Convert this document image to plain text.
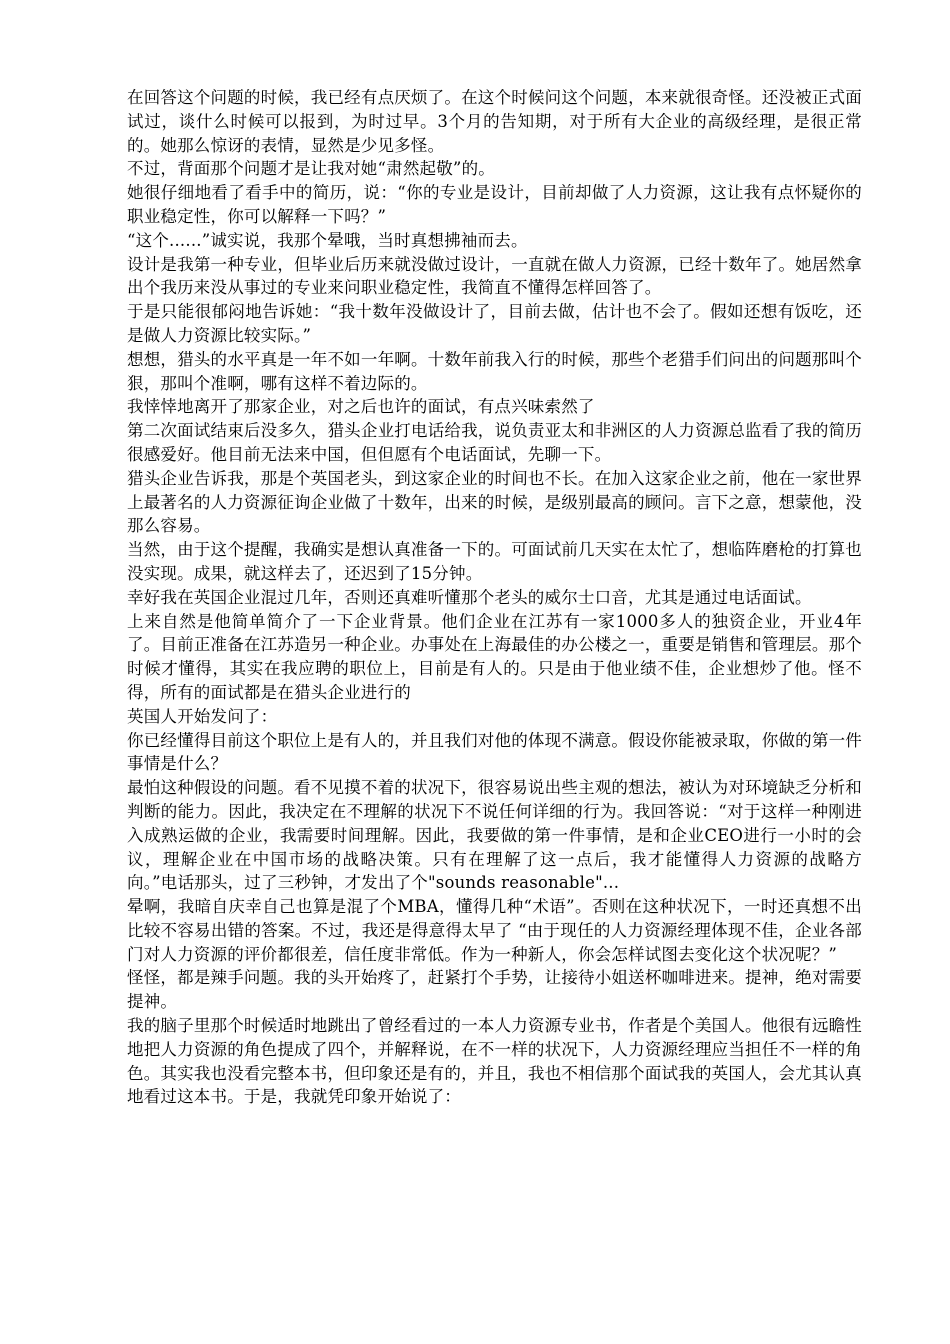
在回答这个问题的时候，我已经有点厌烦了。在这个时候问这个问题，本来就很奇怪。还没被正式面试过，谈什么时候可以报到，为时过早。3个月的告知期，对于所有大企业的高级经理，是很正常的。她那么惊讶的表情，显然是少见多怪。

不过，背面那个问题才是让我对她“肃然起敬”的。

她很仔细地看了看手中的简历，说：“你的专业是设计，目前却做了人力资源，这让我有点怀疑你的职业稳定性，你可以解释一下吗？”

“这个......”诚实说，我那个晕哦，当时真想拂袖而去。

设计是我第一种专业，但毕业后历来就没做过设计，一直就在做人力资源，已经十数年了。她居然拿出个我历来没从事过的专业来问职业稳定性，我简直不懂得怎样回答了。

于是只能很郁闷地告诉她：“我十数年没做设计了，目前去做，估计也不会了。假如还想有饭吃，还是做人力资源比较实际。”

想想，猎头的水平真是一年不如一年啊。十数年前我入行的时候，那些个老猎手们问出的问题那叫个狠，那叫个准啊，哪有这样不着边际的。

我悻悻地离开了那家企业，对之后也许的面试，有点兴味索然了

第二次面试结束后没多久，猎头企业打电话给我，说负责亚太和非洲区的人力资源总监看了我的简历很感爱好。他目前无法来中国，但但愿有个电话面试，先聊一下。

猎头企业告诉我，那是个英国老头，到这家企业的时间也不长。在加入这家企业之前，他在一家世界上最著名的人力资源征询企业做了十数年，出来的时候，是级别最高的顾问。言下之意，想蒙他，没那么容易。

当然，由于这个提醒，我确实是想认真准备一下的。可面试前几天实在太忙了，想临阵磨枪的打算也没实现。成果，就这样去了，还迟到了15分钟。

幸好我在英国企业混过几年，否则还真难听懂那个老头的威尔士口音，尤其是通过电话面试。

上来自然是他简单简介了一下企业背景。他们企业在江苏有一家1000多人的独资企业，开业4年了。目前正准备在江苏造另一种企业。办事处在上海最佳的办公楼之一，重要是销售和管理层。那个时候才懂得，其实在我应聘的职位上，目前是有人的。只是由于他业绩不佳，企业想炒了他。怪不得，所有的面试都是在猎头企业进行的

英国人开始发问了：

你已经懂得目前这个职位上是有人的，并且我们对他的体现不满意。假设你能被录取，你做的第一件事情是什么？

最怕这种假设的问题。看不见摸不着的状况下，很容易说出些主观的想法，被认为对环境缺乏分析和判断的能力。因此，我决定在不理解的状况下不说任何详细的行为。我回答说：“对于这样一种刚进入成熟运做的企业，我需要时间理解。因此，我要做的第一件事情，是和企业CEO进行一小时的会议，理解企业在中国市场的战略决策。只有在理解了这一点后，我才能懂得人力资源的战略方向。”电话那头，过了三秒钟，才发出了个"sounds reasonable"...

晕啊，我暗自庆幸自己也算是混了个MBA，懂得几种“术语”。否则在这种状况下，一时还真想不出比较不容易出错的答案。不过，我还是得意得太早了 “由于现任的人力资源经理体现不佳，企业各部门对人力资源的评价都很差，信任度非常低。作为一种新人，你会怎样试图去变化这个状况呢？”

怪怪，都是辣手问题。我的头开始疼了，赶紧打个手势，让接待小姐送杯咖啡进来。提神，绝对需要提神。

我的脑子里那个时候适时地跳出了曾经看过的一本人力资源专业书，作者是个美国人。他很有远瞻性地把人力资源的角色提成了四个，并解释说，在不一样的状况下，人力资源经理应当担任不一样的角色。其实我也没看完整本书，但印象还是有的，并且，我也不相信那个面试我的英国人，会尤其认真地看过这本书。于是，我就凭印象开始说了：
